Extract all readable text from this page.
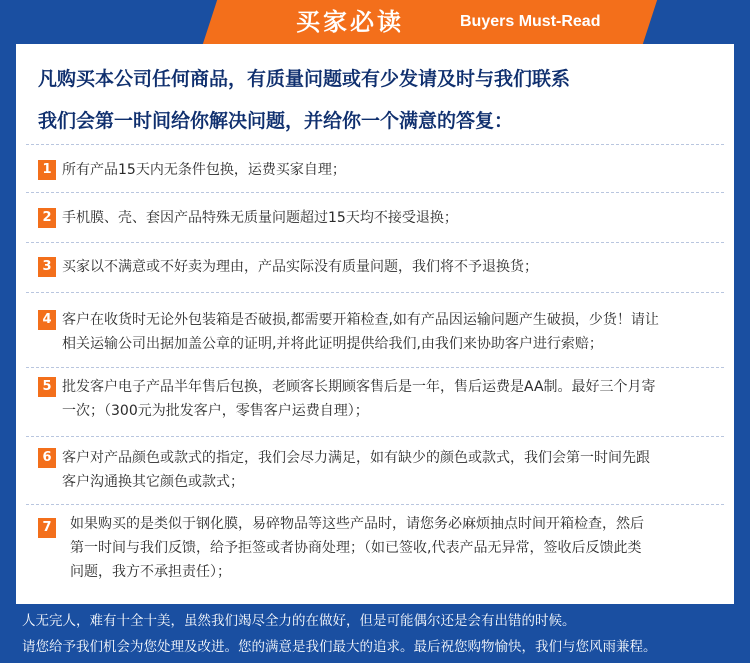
买家必读	Buyers Must-Read
凡购买本公司任何商品，有质量问题或有少发请及时与我们联系
我们会第一时间给你解决问题，并给你一个满意的答复：
1 所有产品15天内无条件包换，运费买家自理；
2 手机膜、壳、套因产品特殊无质量问题超过15天均不接受退换；
3 买家以不满意或不好卖为理由，产品实际没有质量问题，我们将不予退换货；
4 客户在收货时无论外包装箱是否破损,都需要开箱检查,如有产品因运输问题产生破损，少货！请让
相关运输公司出据加盖公章的证明,并将此证明提供给我们,由我们来协助客户进行索赔；
5 批发客户电子产品半年售后包换，老顾客长期顾客售后是一年，售后运费是AA制。最好三个月寄
一次；（300元为批发客户，零售客户运费自理）；
6 客户对产品颜色或款式的指定，我们会尽力满足，如有缺少的颜色或款式，我们会第一时间先跟
客户沟通换其它颜色或款式；
7	如果购买的是类似于钢化膜，易碎物品等这些产品时，请您务必麻烦抽点时间开箱检查，然后
第一时间与我们反馈，给予拒签或者协商处理；（如已签收,代表产品无异常，签收后反馈此类
问题，我方不承担责任）；
人无完人，难有十全十美，虽然我们竭尽全力的在做好，但是可能偶尔还是会有出错的时候。
请您给予我们机会为您处理及改进。您的满意是我们最大的追求。最后祝您购物愉快，我们与您风雨兼程。
